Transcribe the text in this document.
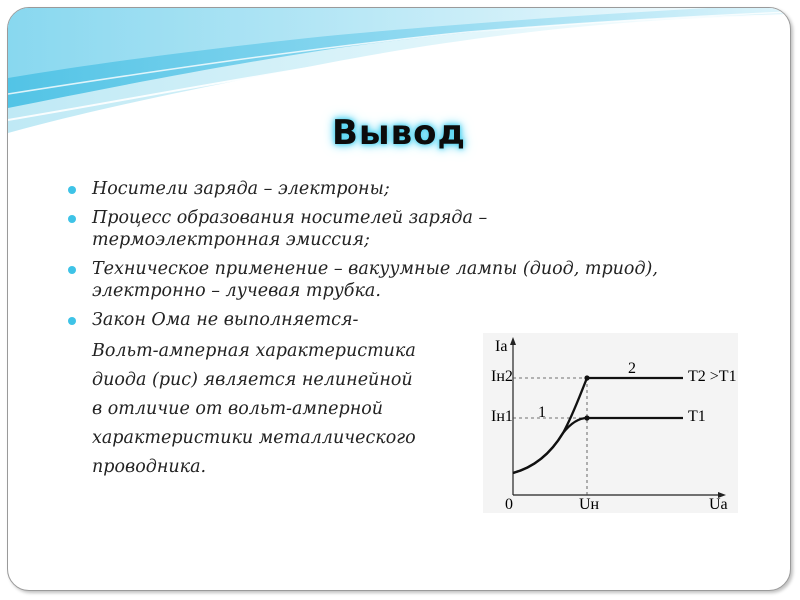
Вывод
Носители заряда – электроны;
Процесс образования носителей заряда –
термоэлектронная эмиссия;
Техническое применение – вакуумные лампы (диод, триод),
электронно – лучевая трубка.
Закон Ома не выполняется-
Вольт-амперная характеристика
диода (рис) является нелинейной
в отличие от вольт-амперной
характеристики металлического
проводника.
Iа
Iн2
Iн1
0	Uн	Uа
1
2	T2 >T1
T1
